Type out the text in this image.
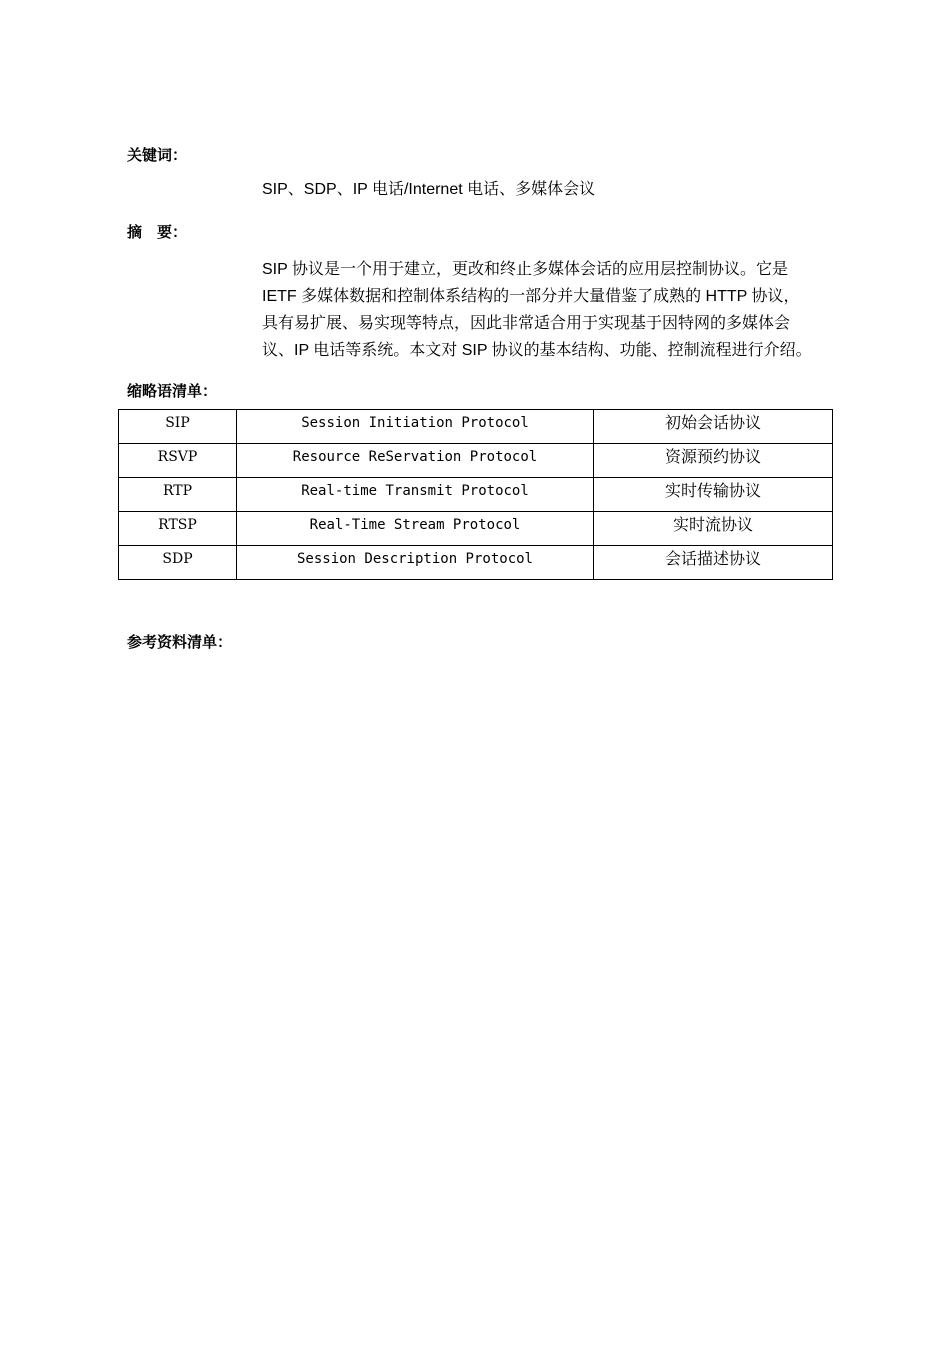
关键词：
SIP、SDP、IP 电话/Internet 电话、多媒体会议
摘　要：
SIP 协议是一个用于建立，更改和终止多媒体会话的应用层控制协议。它是
IETF 多媒体数据和控制体系结构的一部分并大量借鉴了成熟的 HTTP 协议，
具有易扩展、易实现等特点，因此非常适合用于实现基于因特网的多媒体会
议、IP 电话等系统。本文对 SIP 协议的基本结构、功能、控制流程进行介绍。
缩略语清单：
SIP	Session Initiation Protocol	初始会话协议

RSVP	Resource ReServation Protocol	资源预约协议

RTP	Real-time Transmit Protocol	实时传输协议

RTSP	Real-Time Stream Protocol	实时流协议

SDP	Session Description Protocol	会话描述协议
参考资料清单：
